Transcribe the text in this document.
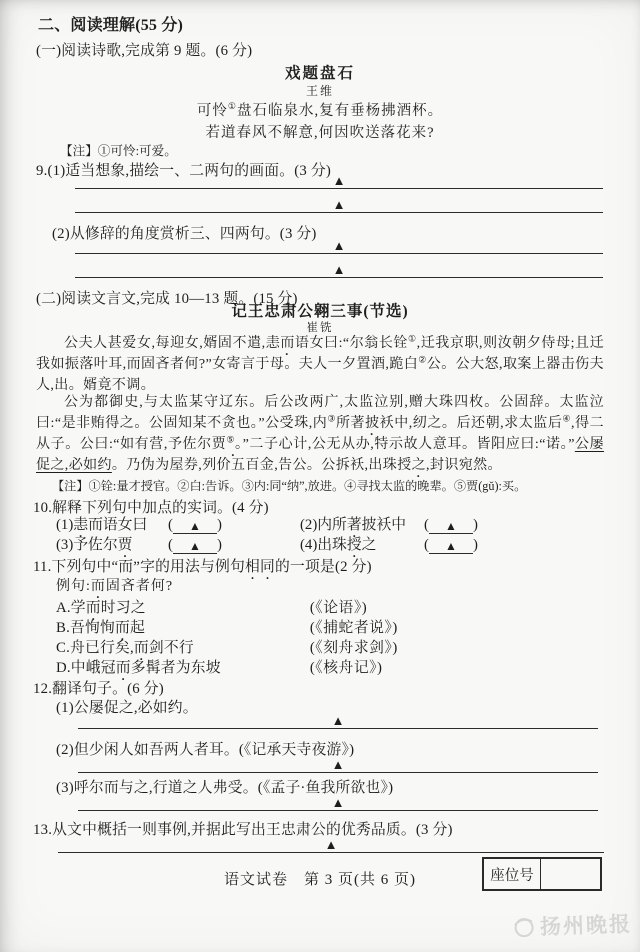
二、阅读理解(55 分)
(一)阅读诗歌,完成第 9 题。(6 分)
戏题盘石
王维
可怜①盘石临泉水,复有垂杨拂酒杯。
若道春风不解意,何因吹送落花来?
【注】①可怜:可爱。
9.(1)适当想象,描绘一、二两句的画面。(3 分)
▲
▲
(2)从修辞的角度赏析三、四两句。(3 分)
▲
▲
(二)阅读文言文,完成 10—13 题。(15 分)
记王忠肃公翱三事(节选)
崔铣
公夫人甚爱女,每迎女,婿固不遣,恚而语女曰:“尔翁长铨①,迁我京职,则汝朝夕侍母;且迁我如振落叶耳,而固吝者何?”女寄言于母。夫人一夕置酒,跪白②公。公大怒,取案上器击伤夫人,出。婿竟不调。
公为都御史,与太监某守辽东。后公改两广,太监泣别,赠大珠四枚。公固辞。太监泣曰:“是非贿得之。公固知某不贪也。”公受珠,内③所著披袄中,纫之。后还朝,求太监后④,得二从子。公曰:“如有营,予佐尔贾⑤。”二子心计,公无从办,特示故人意耳。皆阳应曰:“诺。”公屡促之,必如约。乃伪为屋券,列价五百金,告公。公拆袄,出珠授之,封识宛然。
【注】①铨:量才授官。②白:告诉。③内:同“纳”,放进。④寻找太监的晚辈。⑤贾(gǔ):买。
10.解释下列句中加点的实词。(4 分)
(1)恚而语女曰	(	▲	)	(2)内所著披袄中	(	▲	)
(3)予佐尔贾	(	▲	)	(4)出珠授之	(	▲	)
11.下列句中“而”字的用法与例句相同的一项是(2 分)
例句:而固吝者何?
A.学而时习之	(《论语》)
B.吾恂恂而起	(《捕蛇者说》)
C.舟已行矣,而剑不行	(《刻舟求剑》)
D.中峨冠而多髯者为东坡	(《核舟记》)
12.翻译句子。(6 分)
(1)公屡促之,必如约。
▲
(2)但少闲人如吾两人者耳。(《记承天寺夜游》)
▲
(3)呼尔而与之,行道之人弗受。(《孟子·鱼我所欲也》)
▲
13.从文中概括一则事例,并据此写出王忠肃公的优秀品质。(3 分)
▲
语文试卷 第 3 页(共 6 页)	座位号
扬州晚报
